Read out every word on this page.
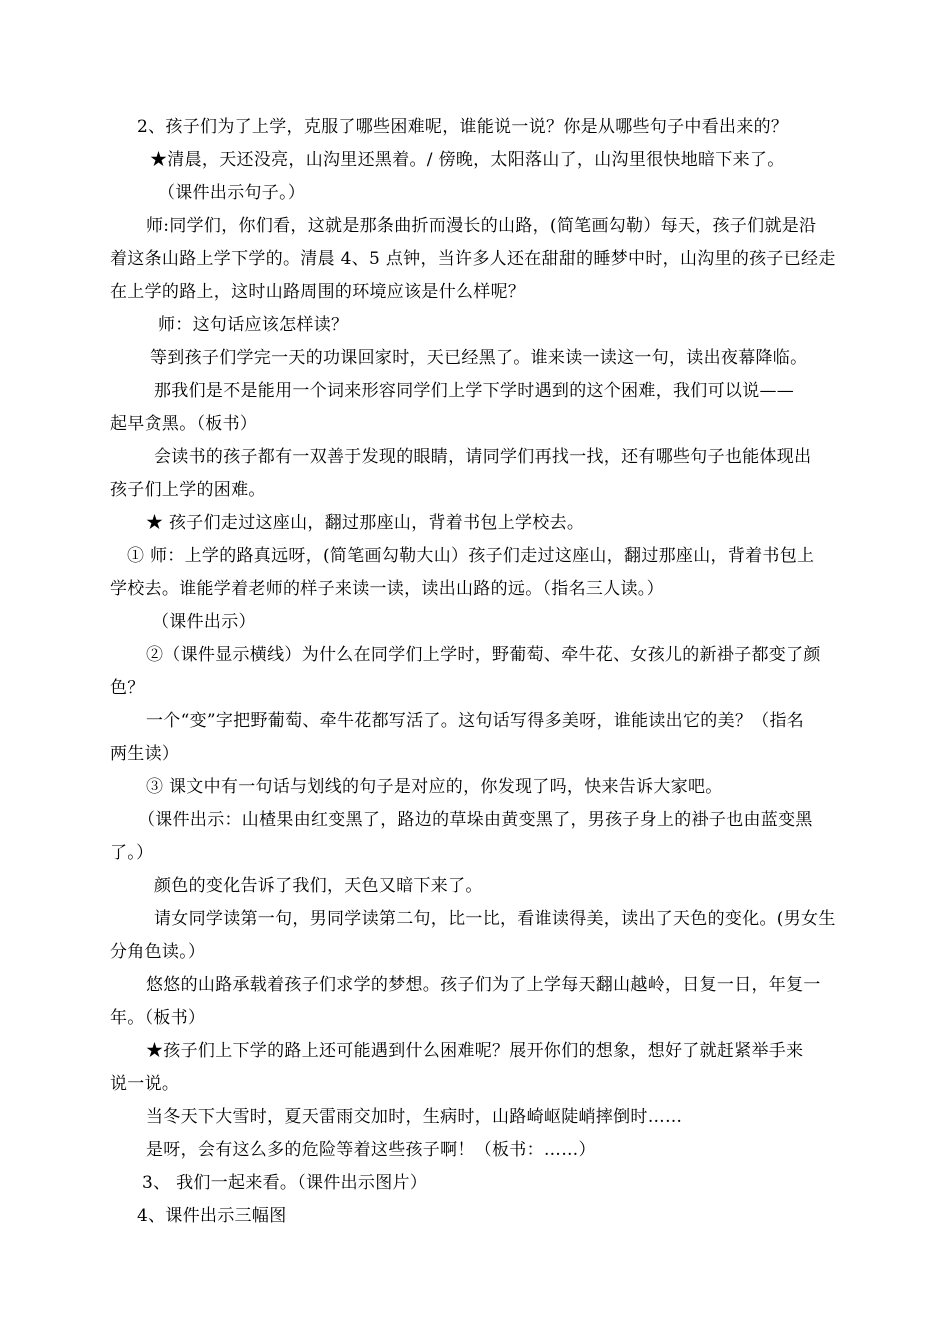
2、孩子们为了上学，克服了哪些困难呢，谁能说一说？你是从哪些句子中看出来的？
★清晨，天还没亮，山沟里还黑着。/ 傍晚，太阳落山了，山沟里很快地暗下来了。
（课件出示句子。）
师:同学们，你们看，这就是那条曲折而漫长的山路，(简笔画勾勒）每天，孩子们就是沿
着这条山路上学下学的。清晨 4、5 点钟，当许多人还在甜甜的睡梦中时，山沟里的孩子已经走
在上学的路上，这时山路周围的环境应该是什么样呢？
师：这句话应该怎样读？
等到孩子们学完一天的功课回家时，天已经黑了。谁来读一读这一句，读出夜幕降临。
那我们是不是能用一个词来形容同学们上学下学时遇到的这个困难，我们可以说——
起早贪黑。（板书）
会读书的孩子都有一双善于发现的眼睛，请同学们再找一找，还有哪些句子也能体现出
孩子们上学的困难。
★ 孩子们走过这座山，翻过那座山，背着书包上学校去。
① 师：上学的路真远呀，(简笔画勾勒大山）孩子们走过这座山，翻过那座山，背着书包上
学校去。谁能学着老师的样子来读一读，读出山路的远。（指名三人读。）
（课件出示）
②（课件显示横线）为什么在同学们上学时，野葡萄、牵牛花、女孩儿的新褂子都变了颜
色？
一个“变”字把野葡萄、牵牛花都写活了。这句话写得多美呀，谁能读出它的美？（指名
两生读）
③ 课文中有一句话与划线的句子是对应的，你发现了吗，快来告诉大家吧。
（课件出示：山楂果由红变黑了，路边的草垛由黄变黑了，男孩子身上的褂子也由蓝变黑
了。）
颜色的变化告诉了我们，天色又暗下来了。
请女同学读第一句，男同学读第二句，比一比，看谁读得美，读出了天色的变化。(男女生
分角色读。）
悠悠的山路承载着孩子们求学的梦想。孩子们为了上学每天翻山越岭，日复一日，年复一
年。（板书）
★孩子们上下学的路上还可能遇到什么困难呢？展开你们的想象，想好了就赶紧举手来
说一说。
当冬天下大雪时，夏天雷雨交加时，生病时，山路崎岖陡峭摔倒时……
是呀，会有这么多的危险等着这些孩子啊！（板书：……）
3、 我们一起来看。（课件出示图片）
4、课件出示三幅图
